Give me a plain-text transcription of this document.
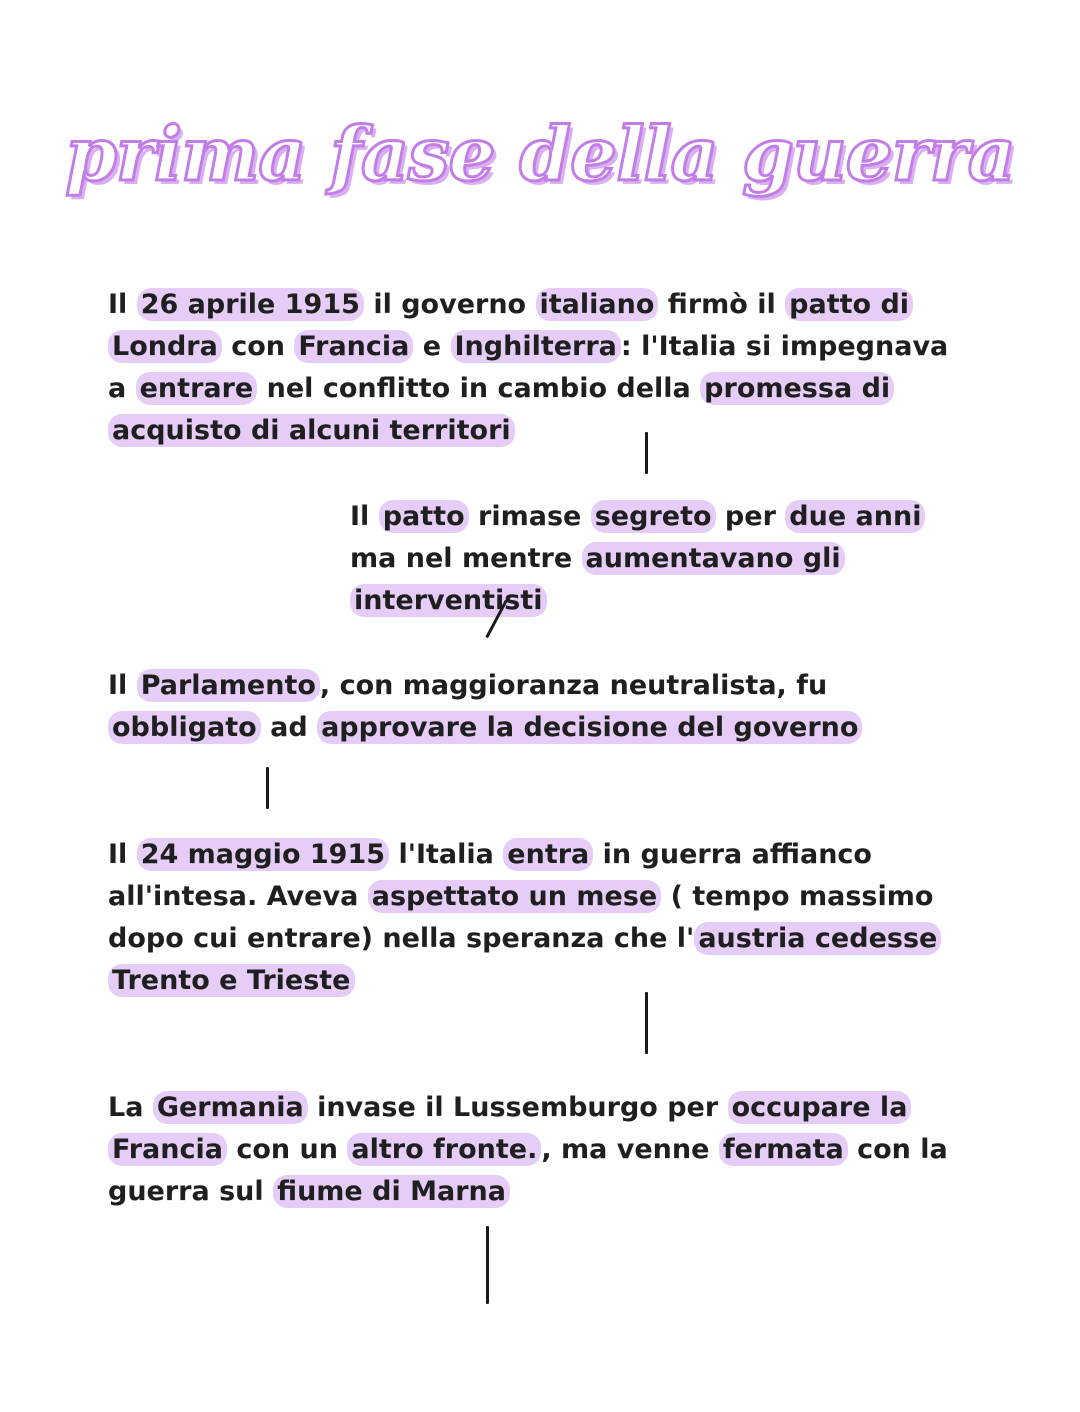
prima fase della guerra

Il 26 aprile 1915 il governo italiano firmò il patto di Londra con Francia e Inghilterra : l'Italia si impegnava a entrare nel conflitto in cambio della promessa di acquisto di alcuni territori

Il patto rimase segreto per due anni ma nel mentre aumentavano gli interventisti

Il Parlamento , con maggioranza neutralista, fu obbligato ad approvare la decisione del governo

Il 24 maggio 1915 l'Italia entra in guerra affianco all'intesa. Aveva aspettato un mese ( tempo massimo dopo cui entrare) nella speranza che l' austria cedesse Trento e Trieste

La Germania invase il Lussemburgo per occupare la Francia con un altro fronte. , ma venne fermata con la guerra sul fiume di Marna
